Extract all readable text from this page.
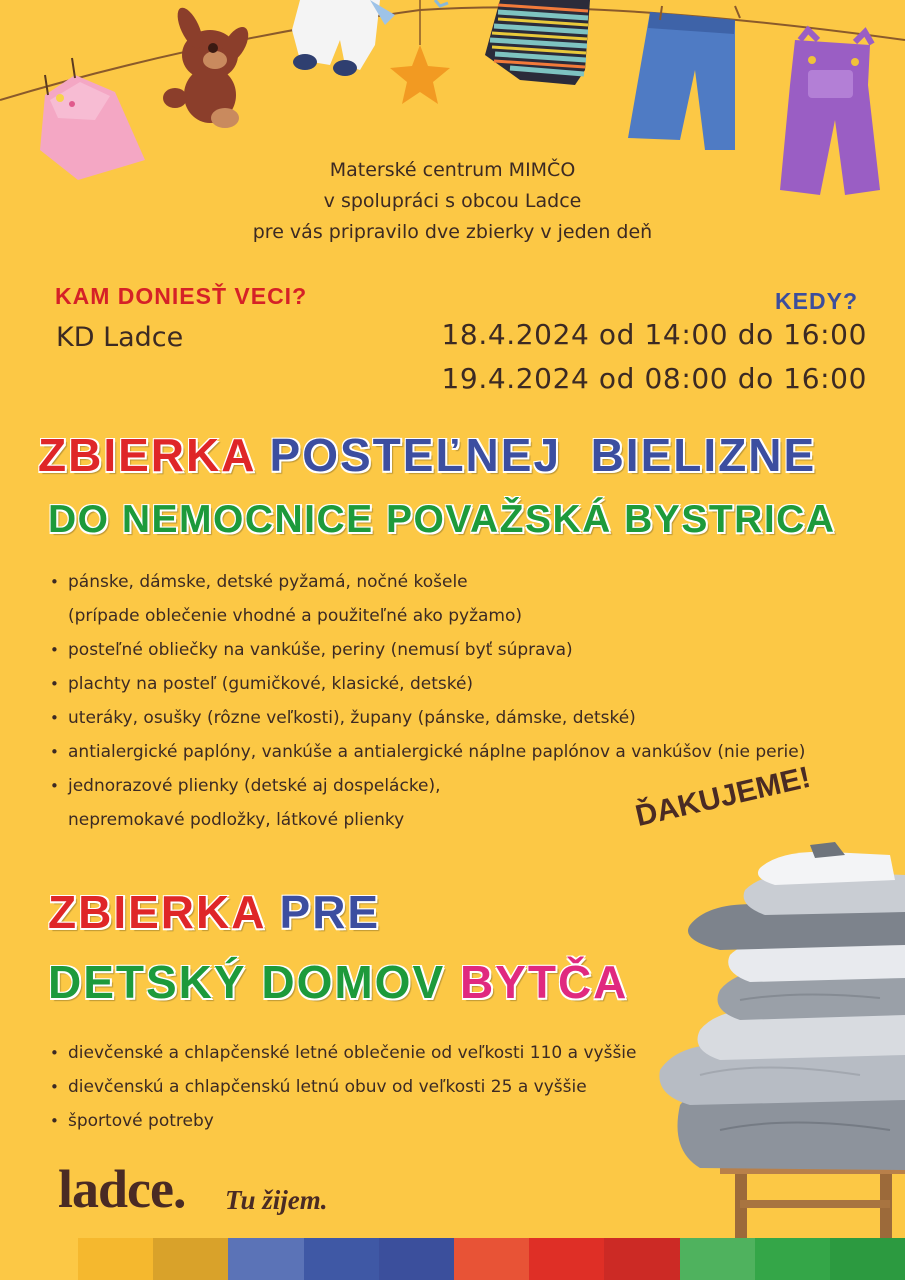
Materské centrum MIMČO
v spolupráci s obcou Ladce
pre vás pripravilo dve zbierky v jeden deň
KAM DONIESŤ VECI?
KD Ladce
KEDY?
18.4.2024 od 14:00 do 16:00
19.4.2024 od 08:00 do 16:00
ZBIERKA POSTEĽNEJ  BIELIZNE
DO NEMOCNICE POVAŽSKÁ BYSTRICA
• pánske, dámske, detské pyžamá, nočné košele
(prípade oblečenie vhodné a použiteľné ako pyžamo)
• posteľné obliečky na vankúše, periny (nemusí byť súprava)
• plachty na posteľ (gumičkové, klasické, detské)
• uteráky, osušky (rôzne veľkosti), župany (pánske, dámske, detské)
• antialergické paplóny, vankúše a antialergické náplne paplónov a vankúšov (nie perie)
• jednorazové plienky (detské aj dospelácke),
nepremokavé podložky, látkové plienky	ĎAKUJEME!
ZBIERKA PRE
DETSKÝ DOMOV BYTČA
• dievčenské a chlapčenské letné oblečenie od veľkosti 110 a vyššie
• dievčenskú a chlapčenskú letnú obuv od veľkosti 25 a vyššie
• športové potreby
ladce. Tu žijem.
